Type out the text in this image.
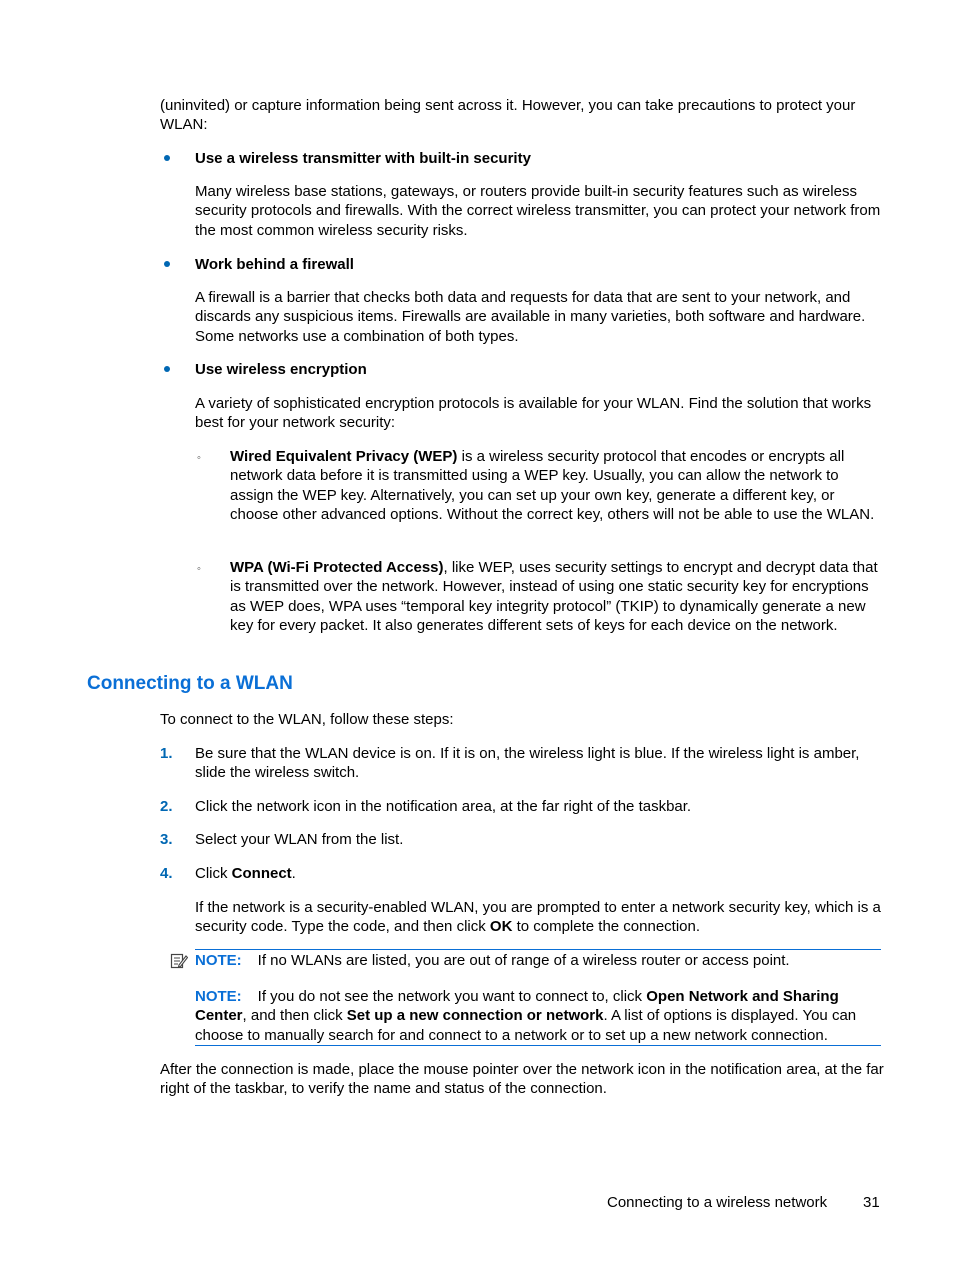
(uninvited) or capture information being sent across it. However, you can take precautions to protect your WLAN:

Use a wireless transmitter with built-in security

Many wireless base stations, gateways, or routers provide built-in security features such as wireless security protocols and firewalls. With the correct wireless transmitter, you can protect your network from the most common wireless security risks.

Work behind a firewall

A firewall is a barrier that checks both data and requests for data that are sent to your network, and discards any suspicious items. Firewalls are available in many varieties, both software and hardware. Some networks use a combination of both types.

Use wireless encryption

A variety of sophisticated encryption protocols is available for your WLAN. Find the solution that works best for your network security:

◦ Wired Equivalent Privacy (WEP) is a wireless security protocol that encodes or encrypts all network data before it is transmitted using a WEP key. Usually, you can allow the network to assign the WEP key. Alternatively, you can set up your own key, generate a different key, or choose other advanced options. Without the correct key, others will not be able to use the WLAN.

◦ WPA (Wi-Fi Protected Access), like WEP, uses security settings to encrypt and decrypt data that is transmitted over the network. However, instead of using one static security key for encryptions as WEP does, WPA uses “temporal key integrity protocol” (TKIP) to dynamically generate a new key for every packet. It also generates different sets of keys for each device on the network.

Connecting to a WLAN

To connect to the WLAN, follow these steps:

1. Be sure that the WLAN device is on. If it is on, the wireless light is blue. If the wireless light is amber, slide the wireless switch.

2. Click the network icon in the notification area, at the far right of the taskbar.

3. Select your WLAN from the list.

4. Click Connect.

If the network is a security-enabled WLAN, you are prompted to enter a network security key, which is a security code. Type the code, and then click OK to complete the connection.

NOTE: If no WLANs are listed, you are out of range of a wireless router or access point.

NOTE: If you do not see the network you want to connect to, click Open Network and Sharing Center, and then click Set up a new connection or network. A list of options is displayed. You can choose to manually search for and connect to a network or to set up a new network connection.

After the connection is made, place the mouse pointer over the network icon in the notification area, at the far right of the taskbar, to verify the name and status of the connection.

Connecting to a wireless network 31
